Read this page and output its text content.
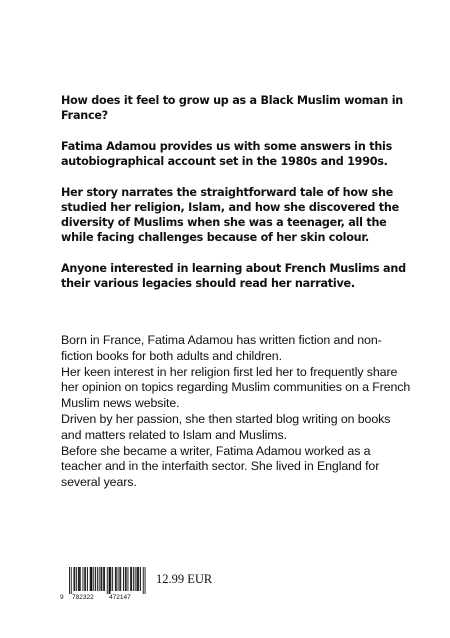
How does it feel to grow up as a Black Muslim woman in France?

Fatima Adamou provides us with some answers in this autobiographical account set in the 1980s and 1990s.

Her story narrates the straightforward tale of how she studied her religion, Islam, and how she discovered the diversity of Muslims when she was a teenager, all the while facing challenges because of her skin colour.

Anyone interested in learning about French Muslims and their various legacies should read her narrative.

Born in France, Fatima Adamou has written fiction and non-fiction books for both adults and children.

Her keen interest in her religion first led her to frequently share her opinion on topics regarding Muslim communities on a French Muslim news website.

Driven by her passion, she then started blog writing on books and matters related to Islam and Muslims.

Before she became a writer, Fatima Adamou worked as a teacher and in the interfaith sector. She lived in England for several years.

9 782322 472147
12.99 EUR
